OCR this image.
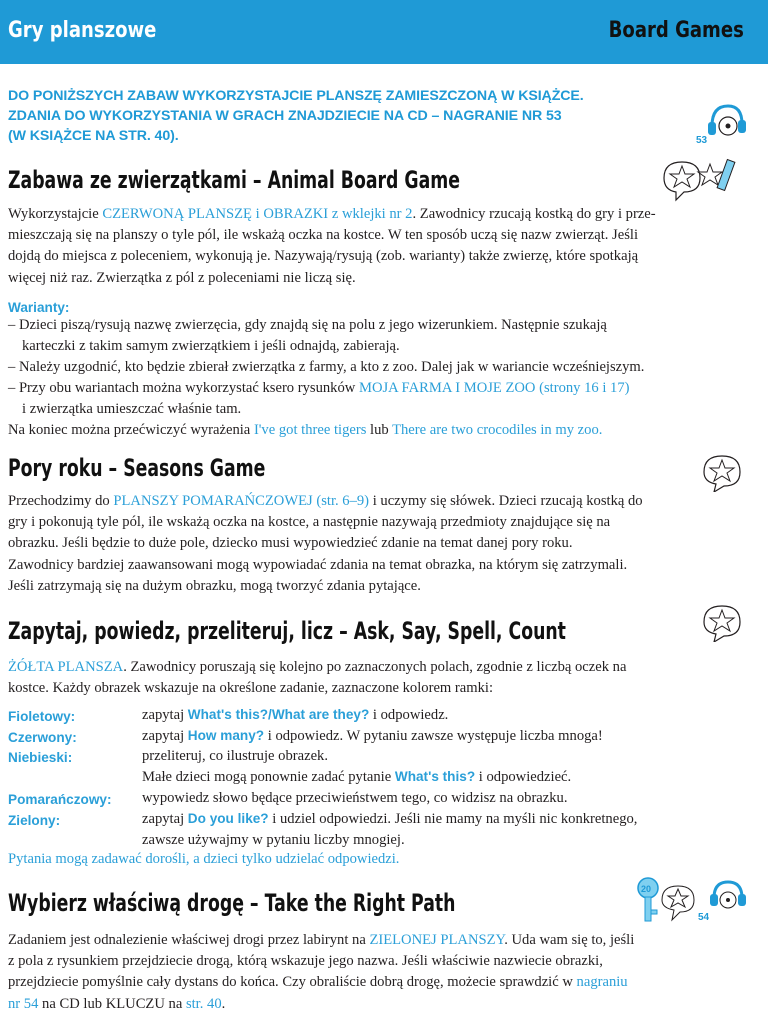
Gry planszowe	Board Games
DO PONIŻSZYCH ZABAW WYKORZYSTAJCIE PLANSZĘ ZAMIESZCZONĄ W KSIĄŻCE.
ZDANIA DO WYKORZYSTANIA W GRACH ZNAJDZIECIE NA CD – NAGRANIE NR 53
(W KSIĄŻCE NA STR. 40).	53
Zabawa ze zwierzątkami – Animal Board Game
Wykorzystajcie CZERWONĄ PLANSZĘ i OBRAZKI z wklejki nr 2. Zawodnicy rzucają kostką do gry i prze-
mieszczają się na planszy o tyle pól, ile wskażą oczka na kostce. W ten sposób uczą się nazw zwierząt. Jeśli
dojdą do miejsca z poleceniem, wykonują je. Nazywają/rysują (zob. warianty) także zwierzę, które spotkają
więcej niż raz. Zwierzątka z pól z poleceniami nie liczą się.
Warianty:
– Dzieci piszą/rysują nazwę zwierzęcia, gdy znajdą się na polu z jego wizerunkiem. Następnie szukają
karteczki z takim samym zwierzątkiem i jeśli odnajdą, zabierają.
– Należy uzgodnić, kto będzie zbierał zwierzątka z farmy, a kto z zoo. Dalej jak w wariancie wcześniejszym.
– Przy obu wariantach można wykorzystać ksero rysunków MOJA FARMA I MOJE ZOO (strony 16 i 17)
i zwierzątka umieszczać właśnie tam.
Na koniec można przećwiczyć wyrażenia I've got three tigers lub There are two crocodiles in my zoo.
Pory roku – Seasons Game
Przechodzimy do PLANSZY POMARAŃCZOWEJ (str. 6–9) i uczymy się słówek. Dzieci rzucają kostką do
gry i pokonują tyle pól, ile wskażą oczka na kostce, a następnie nazywają przedmioty znajdujące się na
obrazku. Jeśli będzie to duże pole, dziecko musi wypowiedzieć zdanie na temat danej pory roku.
Zawodnicy bardziej zaawansowani mogą wypowiadać zdania na temat obrazka, na którym się zatrzymali.
Jeśli zatrzymają się na dużym obrazku, mogą tworzyć zdania pytające.
Zapytaj, powiedz, przeliteruj, licz – Ask, Say, Spell, Count
ŻÓŁTA PLANSZA. Zawodnicy poruszają się kolejno po zaznaczonych polach, zgodnie z liczbą oczek na
kostce. Każdy obrazek wskazuje na określone zadanie, zaznaczone kolorem ramki:
Fioletowy:	zapytaj What's this?/What are they? i odpowiedz.
Czerwony:	zapytaj How many? i odpowiedz. W pytaniu zawsze występuje liczba mnoga!
Niebieski:	przeliteruj, co ilustruje obrazek.
Małe dzieci mogą ponownie zadać pytanie What's this? i odpowiedzieć.
Pomarańczowy: wypowiedz słowo będące przeciwieństwem tego, co widzisz na obrazku.
Zielony:	zapytaj Do you like? i udziel odpowiedzi. Jeśli nie mamy na myśli nic konkretnego,
zawsze używajmy w pytaniu liczby mnogiej.
Pytania mogą zadawać dorośli, a dzieci tylko udzielać odpowiedzi.
Wybierz właściwą drogę – Take the Right Path	20
54
Zadaniem jest odnalezienie właściwej drogi przez labirynt na ZIELONEJ PLANSZY. Uda wam się to, jeśli
z pola z rysunkiem przejdziecie drogą, którą wskazuje jego nazwa. Jeśli właściwie nazwiecie obrazki,
przejdziecie pomyślnie cały dystans do końca. Czy obraliście dobrą drogę, możecie sprawdzić w nagraniu
nr 54 na CD lub KLUCZU na str. 40.
